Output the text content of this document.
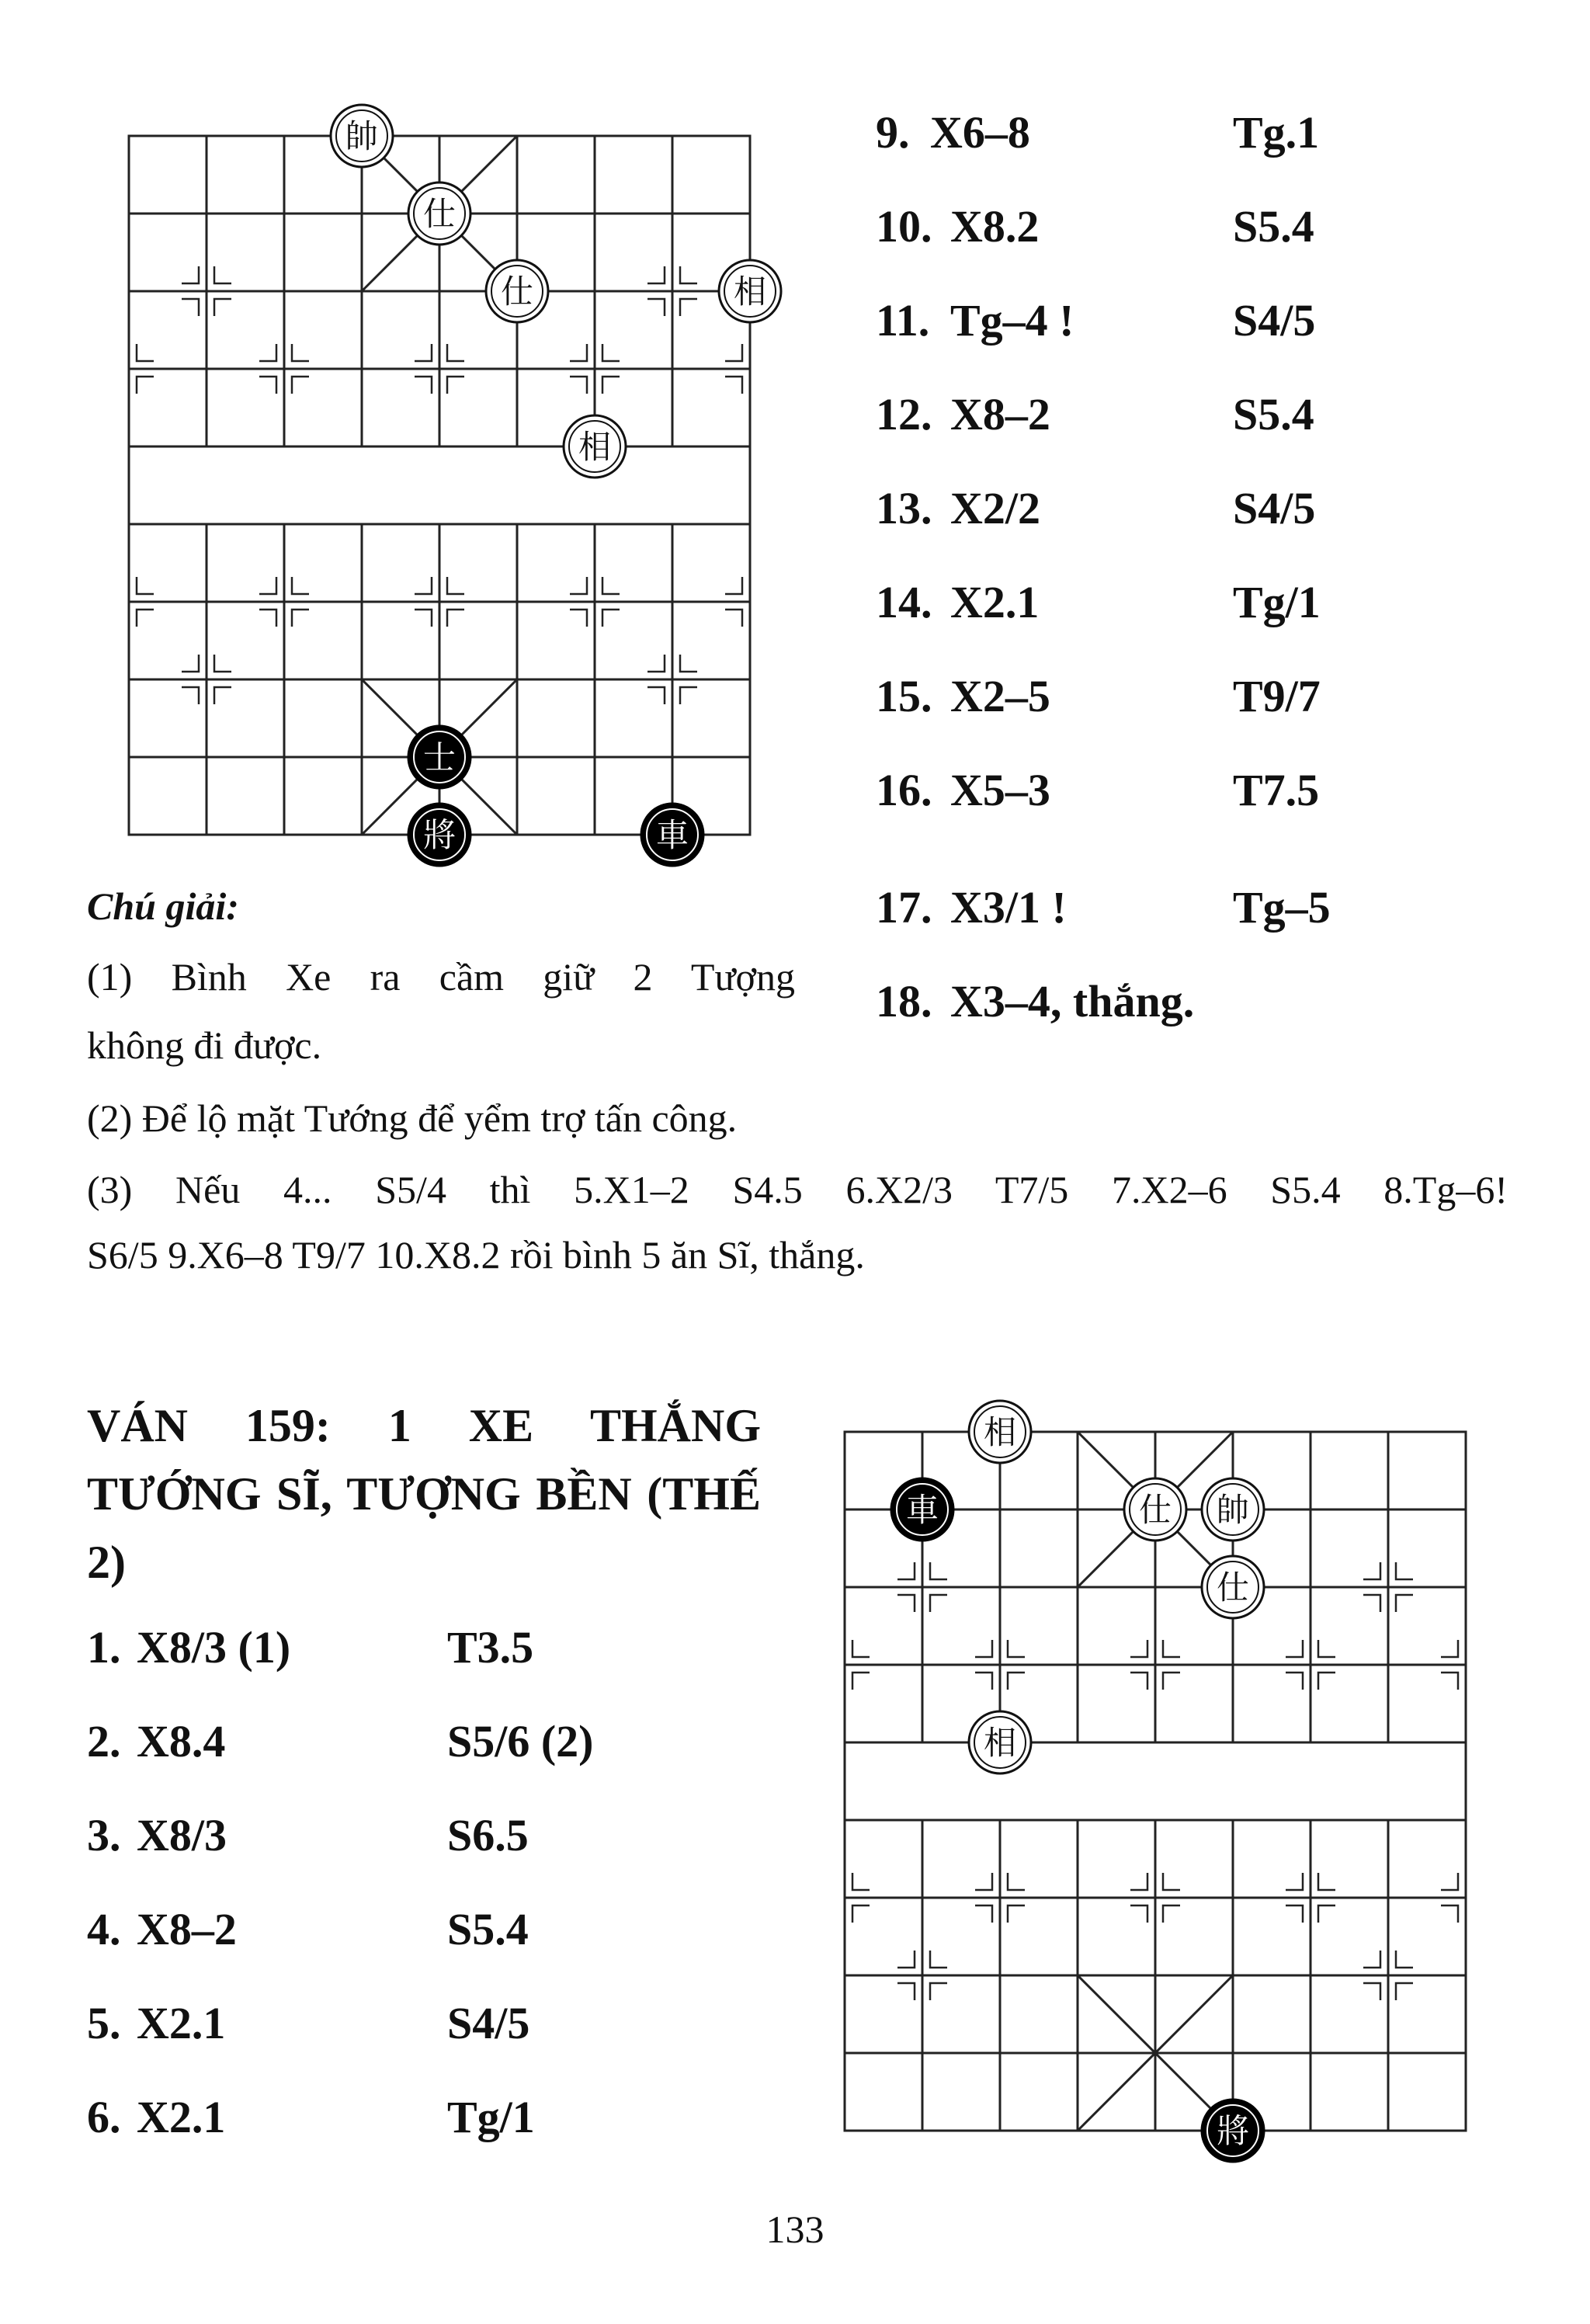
帥
仕
仕	相
相
士
將	車
9. X6–8	Tg.1
10. X8.2	S5.4
11. Tg–4 !	S4/5
12. X8–2	S5.4
13. X2/2	S4/5
14. X2.1	Tg/1
15. X2–5	T9/7
16. X5–3	T7.5
17. X3/1 !	Tg–5
18. X3–4, thắng.
Chú giải:
(1) Bình Xe ra cầm giữ 2 Tượng
không đi được.
(2) Để lộ mặt Tướng để yểm trợ tấn công.
(3) Nếu 4... S5/4 thì 5.X1–2 S4.5 6.X2/3 T7/5 7.X2–6 S5.4 8.Tg–6!
S6/5 9.X6–8 T9/7 10.X8.2 rồi bình 5 ăn Sĩ, thắng.
VÁN 159: 1 XE THẮNG TƯỚNG SĨ, TƯỢNG BỀN (THẾ 2)
1. X8/3 (1)	T3.5
2. X8.4	S5/6 (2)
3. X8/3	S6.5
4. X8–2	S5.4
5. X2.1	S4/5
6. X2.1	Tg/1
相
車	仕 帥
仕
相
將
133
